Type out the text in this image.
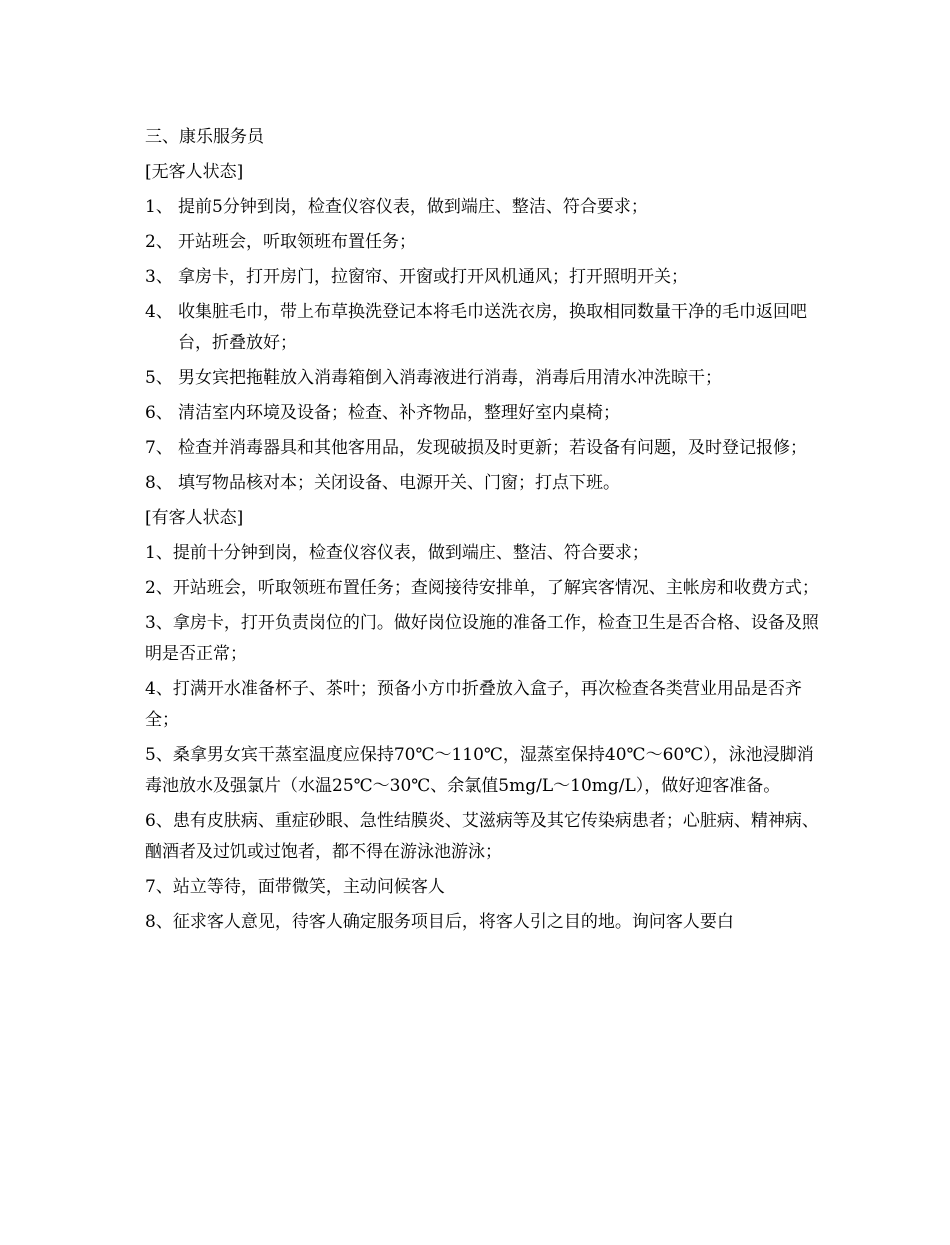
三、康乐服务员
[无客人状态]
1、 提前5分钟到岗，检查仪容仪表，做到端庄、整洁、符合要求；
2、 开站班会，听取领班布置任务；
3、 拿房卡，打开房门，拉窗帘、开窗或打开风机通风；打开照明开关；
4、 收集脏毛巾，带上布草换洗登记本将毛巾送洗衣房，换取相同数量干净的毛巾返回吧台，折叠放好；
5、 男女宾把拖鞋放入消毒箱倒入消毒液进行消毒，消毒后用清水冲洗晾干；
6、 清洁室内环境及设备；检查、补齐物品，整理好室内桌椅；
7、 检查并消毒器具和其他客用品，发现破损及时更新；若设备有问题，及时登记报修；
8、 填写物品核对本；关闭设备、电源开关、门窗；打点下班。
[有客人状态]
1、提前十分钟到岗，检查仪容仪表，做到端庄、整洁、符合要求；
2、开站班会，听取领班布置任务；查阅接待安排单，了解宾客情况、主帐房和收费方式；
3、拿房卡，打开负责岗位的门。做好岗位设施的准备工作，检查卫生是否合格、设备及照明是否正常；
4、打满开水准备杯子、茶叶；预备小方巾折叠放入盒子，再次检查各类营业用品是否齐全；
5、桑拿男女宾干蒸室温度应保持70℃～110℃，湿蒸室保持40℃～60℃），泳池浸脚消毒池放水及强氯片（水温25℃～30℃、余氯值5mg/L～10mg/L），做好迎客准备。
6、患有皮肤病、重症砂眼、急性结膜炎、艾滋病等及其它传染病患者；心脏病、精神病、酗酒者及过饥或过饱者，都不得在游泳池游泳；
7、站立等待，面带微笑，主动问候客人
8、征求客人意见，待客人确定服务项目后，将客人引之目的地。询问客人要白
